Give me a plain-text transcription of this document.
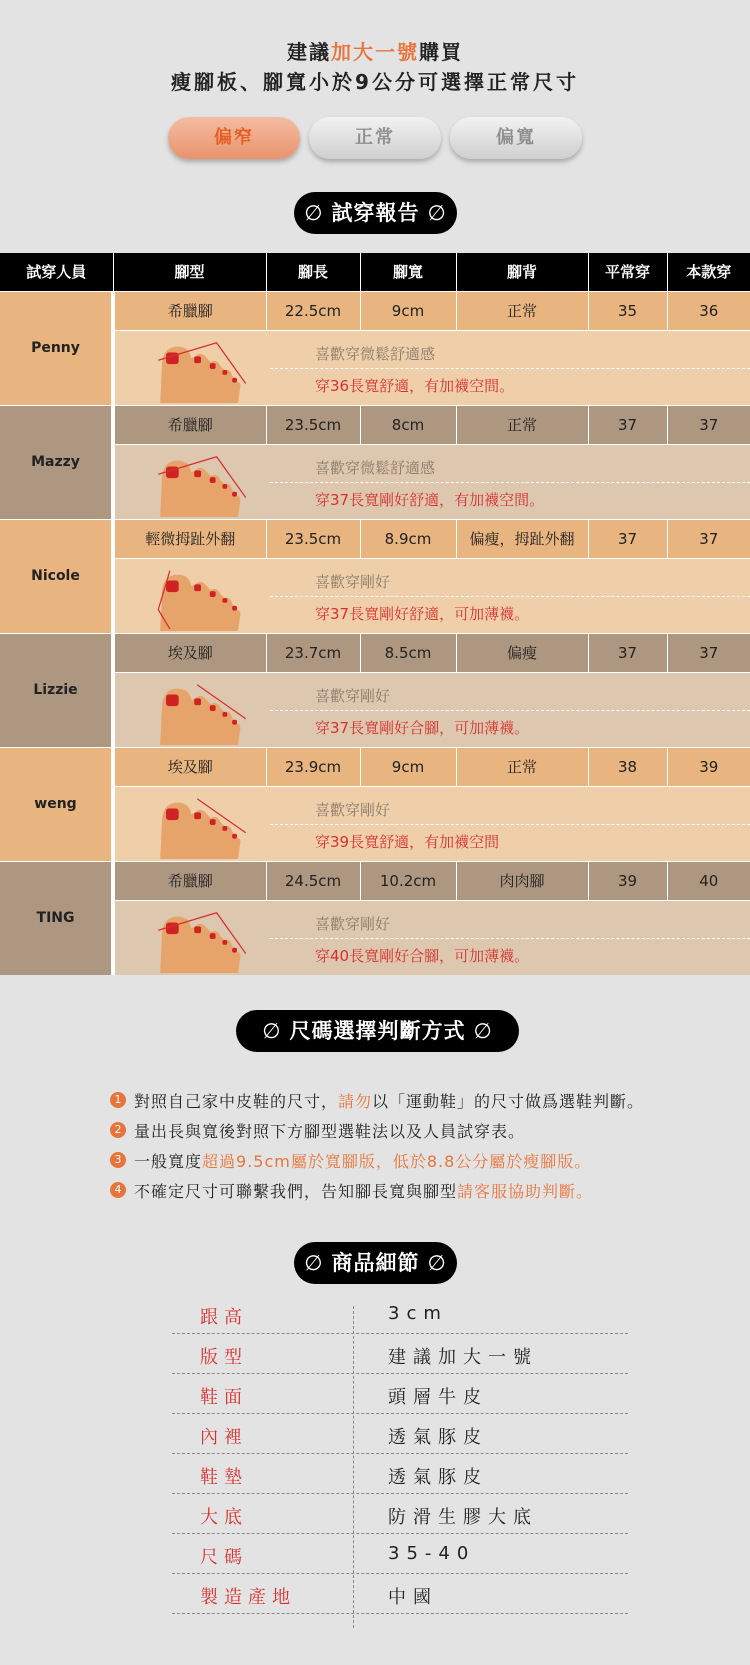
建議加大一號購買
瘦腳板、腳寬小於9公分可選擇正常尺寸
偏窄	正常	偏寬
∅ 試穿報告 ∅
試穿人員	腳型	腳長	腳寬	腳背	平常穿	本款穿
Penny	希臘腳	22.5cm	9cm	正常	35	36

	喜歡穿微鬆舒適感
穿36長寬舒適，有加襪空間。					

Mazzy	希臘腳	23.5cm	8cm	正常	37	37

	喜歡穿微鬆舒適感
穿37長寬剛好舒適，有加襪空間。					

Nicole	輕微拇趾外翻	23.5cm	8.9cm	偏瘦，拇趾外翻	37	37

	喜歡穿剛好
穿37長寬剛好舒適，可加薄襪。					

Lizzie	埃及腳	23.7cm	8.5cm	偏瘦	37	37

	喜歡穿剛好
穿37長寬剛好合腳，可加薄襪。					

weng	埃及腳	23.9cm	9cm	正常	38	39

	喜歡穿剛好
穿39長寬舒適，有加襪空間					

TING	希臘腳	24.5cm	10.2cm	肉肉腳	39	40

	喜歡穿剛好
穿40長寬剛好合腳，可加薄襪。					
∅ 尺碼選擇判斷方式 ∅
1 對照自己家中皮鞋的尺寸， 請勿 以「運動鞋」的尺寸做爲選鞋判斷。
2 量出長與寬後對照下方腳型選鞋法以及人員試穿表。
3 一般寬度 超過9.5cm屬於寬腳版，低於8.8公分屬於瘦腳版。
4 不確定尺寸可聯繫我們，告知腳長寬與腳型 請客服協助判斷。
∅ 商品細節 ∅
跟高	3cm
版型	建議加大一號
鞋面	頭層牛皮
內裡	透氣豚皮
鞋墊	透氣豚皮
大底	防滑生膠大底
尺碼	35-40
製造產地	中國
